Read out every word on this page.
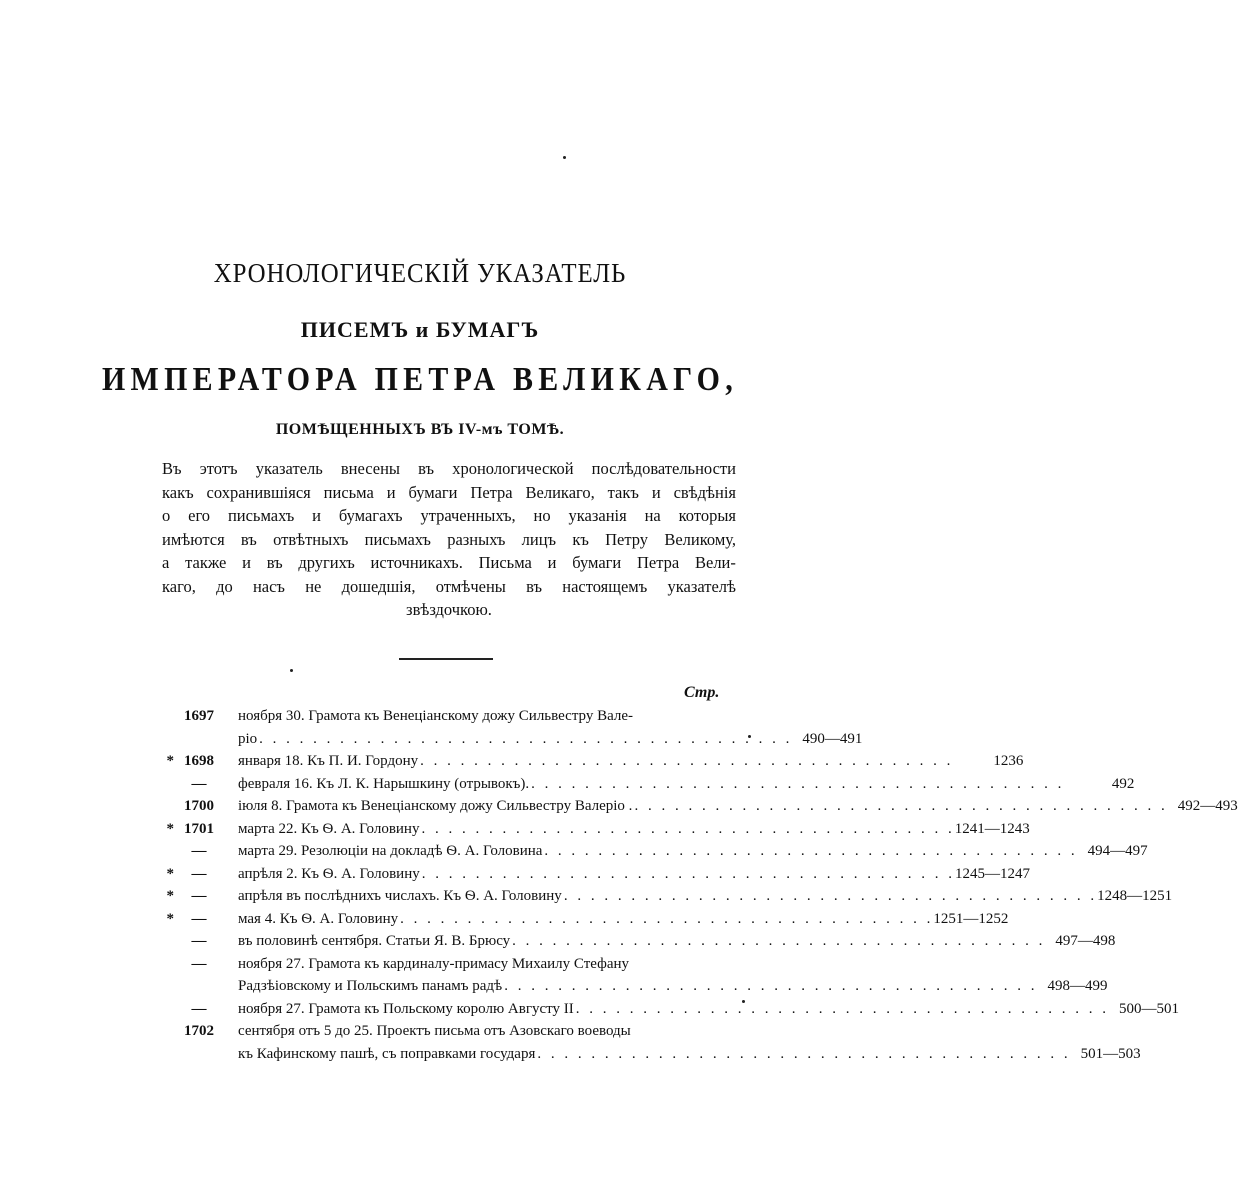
ХРОНОЛОГИЧЕСКІЙ УКАЗАТЕЛЬ
ПИСЕМЪ и БУМАГЪ
ИМПЕРАТОРА ПЕТРА ВЕЛИКАГО,
ПОМѢЩЕННЫХЪ ВЪ IV-мъ ТОМѢ.
Въ этотъ указатель внесены въ хронологической послѣдовательности
какъ сохранившіяся письма и бумаги Петра Великаго, такъ и свѣдѣнія
о его письмахъ и бумагахъ утраченныхъ, но указанія на которыя
имѣются въ отвѣтныхъ письмахъ разныхъ лицъ къ Петру Великому,
а также и въ другихъ источникахъ. Письма и бумаги Петра Вели-
каго, до насъ не дошедшія, отмѣчены въ настоящемъ указателѣ
звѣздочкою.
Стр.
1697	ноября 30. Грамота къ Венеціанскому дожу Сильвестру Вале-
ріо . . .	490—491
* 1698	января 18. Къ П. И. Гордону . . .	1236
—	февраля 16. Къ Л. К. Нарышкину (отрывокъ). . . .	492
1700	іюля 8. Грамота къ Венеціанскому дожу Сильвестру Валеріо . . . .	492—493
* 1701	марта 22. Къ Ѳ. А. Головину . . .	1241—1243
—	марта 29. Резолюціи на докладѣ Ѳ. А. Головина . . .	494—497
*	—	апрѣля 2. Къ Ѳ. А. Головину . . .	1245—1247
*	—	апрѣля въ послѣднихъ числахъ. Къ Ѳ. А. Головину . . .	1248—1251
*	—	мая 4. Къ Ѳ. А. Головину . . .	1251—1252
—	въ половинѣ сентября. Статьи Я. В. Брюсу . . .	497—498
—	ноября 27. Грамота къ кардиналу-примасу Михаилу Стефану
Радзѣіовскому и Польскимъ панамъ радѣ . . .	498—499
—	ноября 27. Грамота къ Польскому королю Августу II . . .	500—501
1702	сентября отъ 5 до 25. Проектъ письма отъ Азовскаго воеводы
къ Кафинскому пашѣ, съ поправками государя . . .	501—503
